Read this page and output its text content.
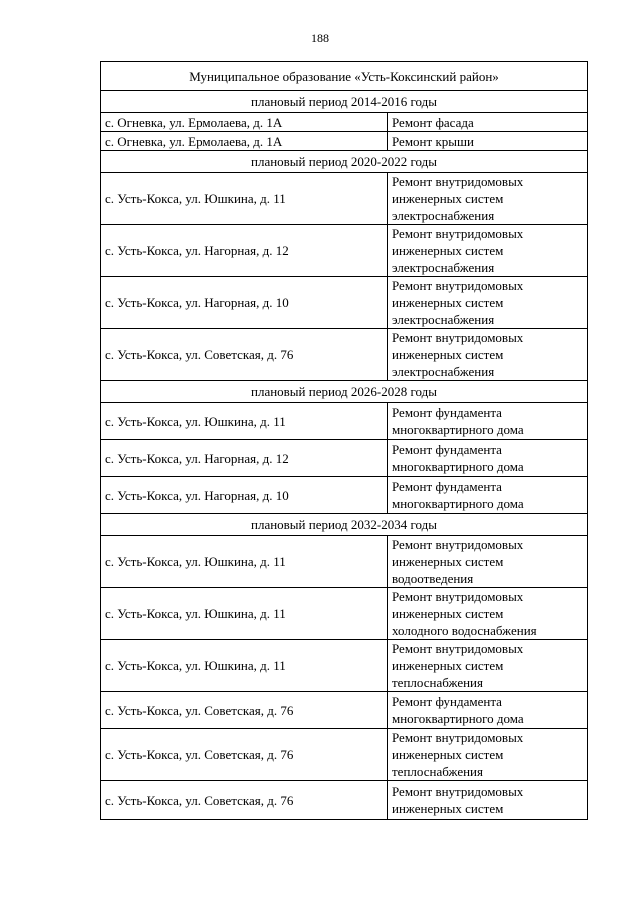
188
Муниципальное образование «Усть-Коксинский район»	
плановый период 2014-2016 годы	
с. Огневка, ул. Ермолаева, д. 1А	Ремонт фасада

с. Огневка, ул. Ермолаева, д. 1А	Ремонт крыши

плановый период 2020-2022 годы	
с. Усть-Кокса, ул. Юшкина, д. 11	Ремонт внутридомовых
инженерных систем
электроснабжения

с. Усть-Кокса, ул. Нагорная, д. 12	Ремонт внутридомовых
инженерных систем
электроснабжения

с. Усть-Кокса, ул. Нагорная, д. 10	Ремонт внутридомовых
инженерных систем
электроснабжения

с. Усть-Кокса, ул. Советская, д. 76	Ремонт внутридомовых
инженерных систем
электроснабжения

плановый период 2026-2028 годы	
с. Усть-Кокса, ул. Юшкина, д. 11	Ремонт фундамента
многоквартирного дома

с. Усть-Кокса, ул. Нагорная, д. 12	Ремонт фундамента
многоквартирного дома

с. Усть-Кокса, ул. Нагорная, д. 10	Ремонт фундамента
многоквартирного дома

плановый период 2032-2034 годы	
с. Усть-Кокса, ул. Юшкина, д. 11	Ремонт внутридомовых
инженерных систем
водоотведения

с. Усть-Кокса, ул. Юшкина, д. 11	Ремонт внутридомовых
инженерных систем
холодного водоснабжения

с. Усть-Кокса, ул. Юшкина, д. 11	Ремонт внутридомовых
инженерных систем
теплоснабжения

с. Усть-Кокса, ул. Советская, д. 76	Ремонт фундамента
многоквартирного дома

с. Усть-Кокса, ул. Советская, д. 76	Ремонт внутридомовых
инженерных систем
теплоснабжения

с. Усть-Кокса, ул. Советская, д. 76	Ремонт внутридомовых
инженерных систем
